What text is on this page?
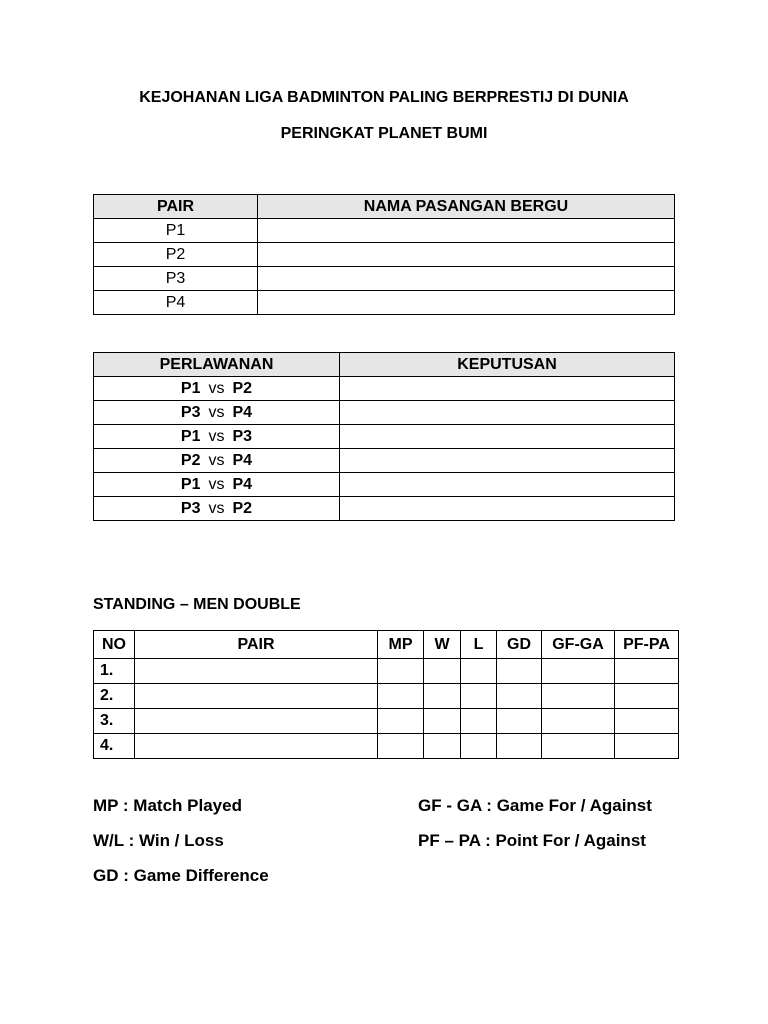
KEJOHANAN LIGA BADMINTON PALING BERPRESTIJ DI DUNIA
PERINGKAT PLANET BUMI
PAIR	NAMA PASANGAN BERGU
P1	
P2	
P3	
P4	
PERLAWANAN	KEPUTUSAN
P1 vs P2	
P3 vs P4	
P1 vs P3	
P2 vs P4	
P1 vs P4	
P3 vs P2	
STANDING – MEN DOUBLE
NO	PAIR	MP	W	L	GD	GF-GA	PF-PA
1.							
2.							
3.							
4.							
MP : Match Played
W/L : Win / Loss
GD : Game Difference
GF - GA : Game For / Against
PF – PA : Point For / Against
